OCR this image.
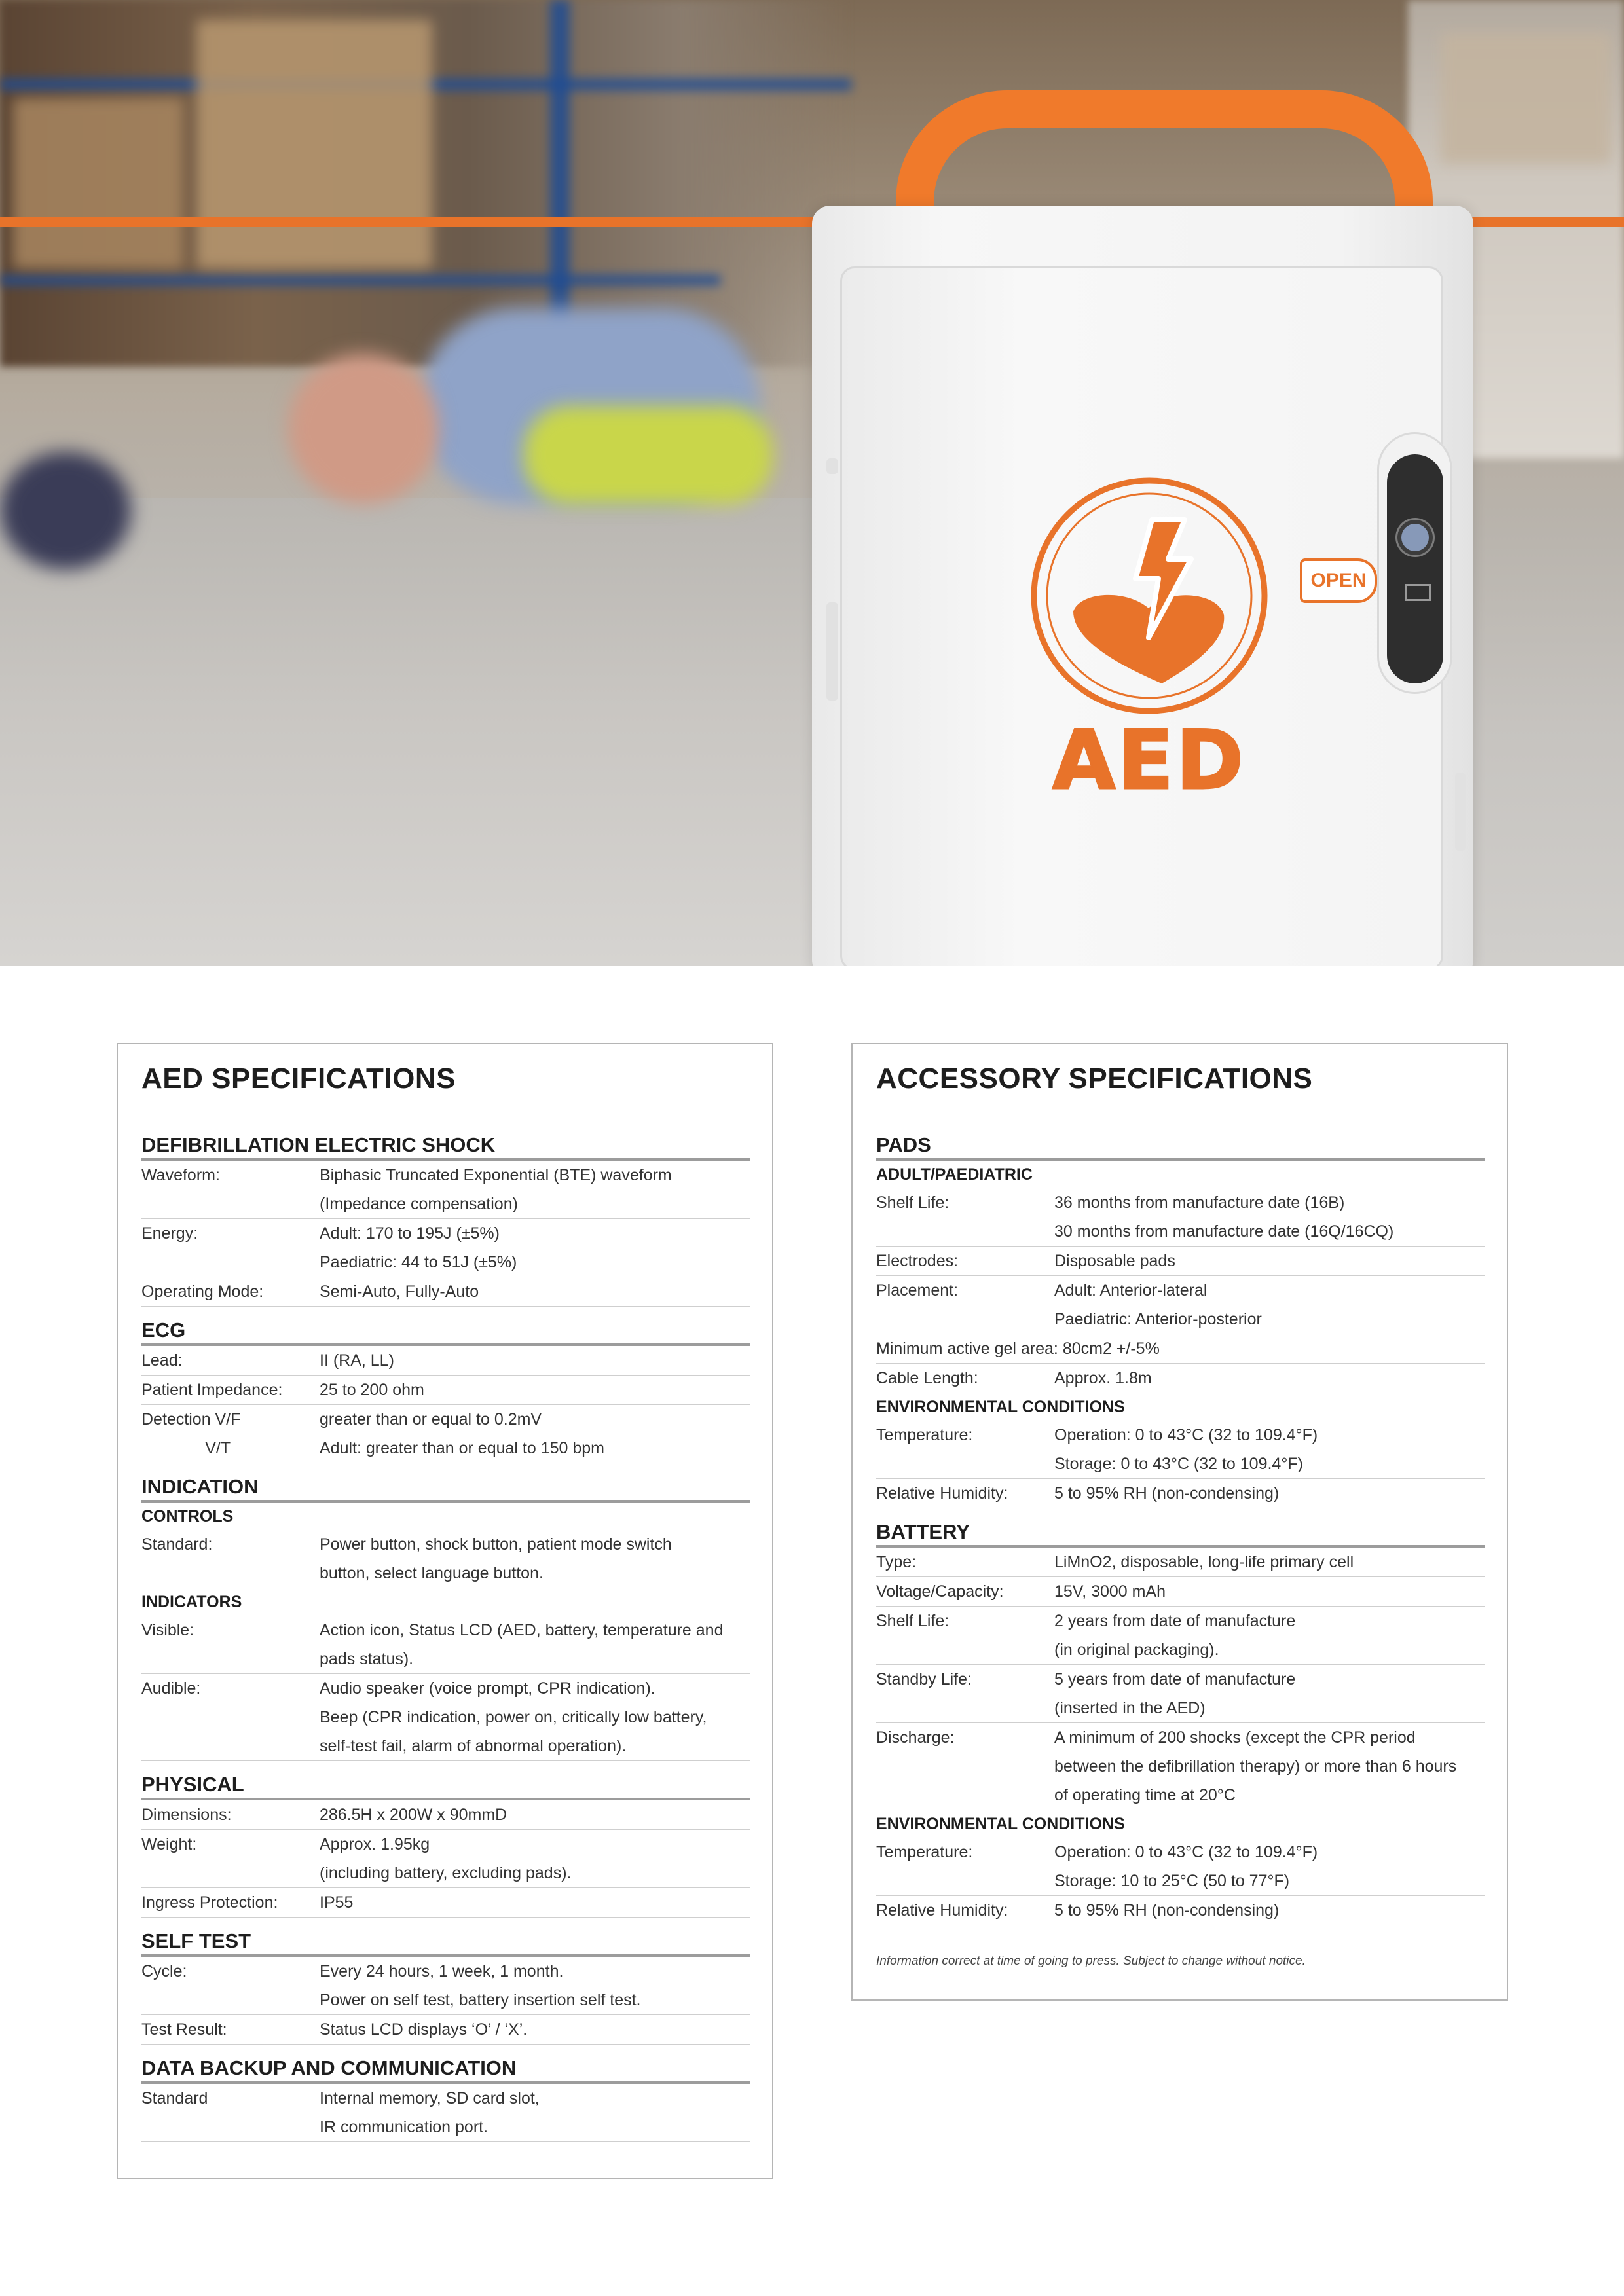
OPEN
AED
AED SPECIFICATIONS
DEFIBRILLATION ELECTRIC SHOCK
Waveform:	Biphasic Truncated Exponential (BTE) waveform
(Impedance compensation)
Energy:	Adult: 170 to 195J (±5%)
Paediatric: 44 to 51J (±5%)
Operating Mode:	Semi-Auto, Fully-Auto
ECG
Lead:	II (RA, LL)
Patient Impedance:	25 to 200 ohm
Detection V/F	greater than or equal to 0.2mV
V/T	Adult: greater than or equal to 150 bpm
INDICATION
CONTROLS
Standard:	Power button, shock button, patient mode switch
button, select language button.
INDICATORS
Visible:	Action icon, Status LCD (AED, battery, temperature and
pads status).
Audible:	Audio speaker (voice prompt, CPR indication).
Beep (CPR indication, power on, critically low battery,
self-test fail, alarm of abnormal operation).
PHYSICAL
Dimensions:	286.5H x 200W x 90mmD
Weight:	Approx. 1.95kg
(including battery, excluding pads).
Ingress Protection:	IP55
SELF TEST
Cycle:	Every 24 hours, 1 week, 1 month.
Power on self test, battery insertion self test.
Test Result:	Status LCD displays ‘O’ / ‘X’.
DATA BACKUP AND COMMUNICATION
Standard	Internal memory, SD card slot,
IR communication port.
ACCESSORY SPECIFICATIONS
PADS
ADULT/PAEDIATRIC
Shelf Life:	36 months from manufacture date (16B)
30 months from manufacture date (16Q/16CQ)
Electrodes:	Disposable pads
Placement:	Adult: Anterior-lateral
Paediatric: Anterior-posterior
Minimum active gel area: 80cm2 +/-5%
Cable Length:	Approx. 1.8m
ENVIRONMENTAL CONDITIONS
Temperature:	Operation: 0 to 43°C (32 to 109.4°F)
Storage: 0 to 43°C (32 to 109.4°F)
Relative Humidity:	5 to 95% RH (non-condensing)
BATTERY
Type:	LiMnO2, disposable, long-life primary cell
Voltage/Capacity:	15V, 3000 mAh
Shelf Life:	2 years from date of manufacture
(in original packaging).
Standby Life:	5 years from date of manufacture
(inserted in the AED)
Discharge:	A minimum of 200 shocks (except the CPR period
between the defibrillation therapy) or more than 6 hours
of operating time at 20°C
ENVIRONMENTAL CONDITIONS
Temperature:	Operation: 0 to 43°C (32 to 109.4°F)
Storage: 10 to 25°C (50 to 77°F)
Relative Humidity:	5 to 95% RH (non-condensing)
Information correct at time of going to press. Subject to change without notice.
